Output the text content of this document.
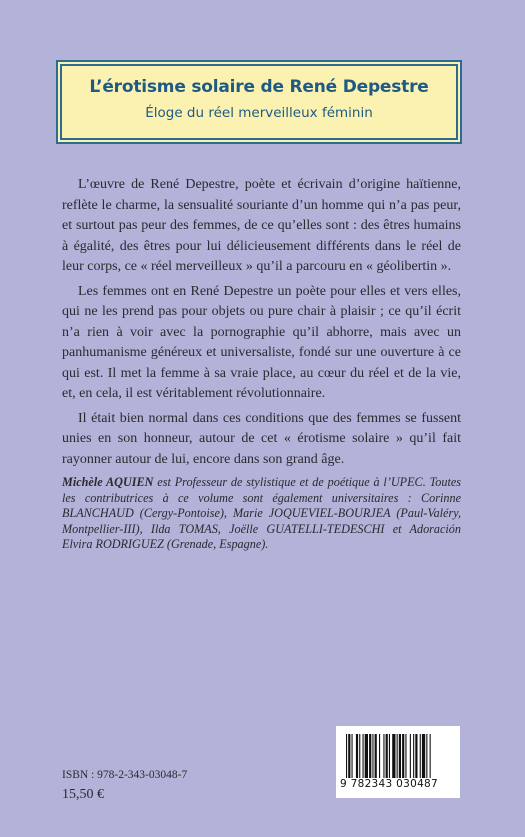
L’érotisme solaire de René Depestre
Éloge du réel merveilleux féminin

L’œuvre de René Depestre, poète et écrivain d’origine haïtienne, reflète le charme, la sensualité souriante d’un homme qui n’a pas peur, et surtout pas peur des femmes, de ce qu’elles sont : des êtres humains à égalité, des êtres pour lui délicieusement différents dans le réel de leur corps, ce « réel merveilleux » qu’il a parcouru en « géolibertin ».

Les femmes ont en René Depestre un poète pour elles et vers elles, qui ne les prend pas pour objets ou pure chair à plaisir ; ce qu’il écrit n’a rien à voir avec la pornographie qu’il abhorre, mais avec un panhumanisme généreux et universaliste, fondé sur une ouverture à ce qui est. Il met la femme à sa vraie place, au cœur du réel et de la vie, et, en cela, il est véritablement révolutionnaire.

Il était bien normal dans ces conditions que des femmes se fussent unies en son honneur, autour de cet « érotisme solaire » qu’il fait rayonner autour de lui, encore dans son grand âge.

Michèle AQUIEN est Professeur de stylistique et de poétique à l’UPEC. Toutes les contributrices à ce volume sont également universitaires : Corinne BLANCHAUD (Cergy-Pontoise), Marie JOQUEVIEL-BOURJEA (Paul-Valéry, Montpellier-III), Ilda TOMAS, Joëlle GUATELLI-TEDESCHI et Adoración Elvira RODRIGUEZ (Grenade, Espagne).
ISBN : 978-2-343-03048-7
15,50 €
9 782343 030487
